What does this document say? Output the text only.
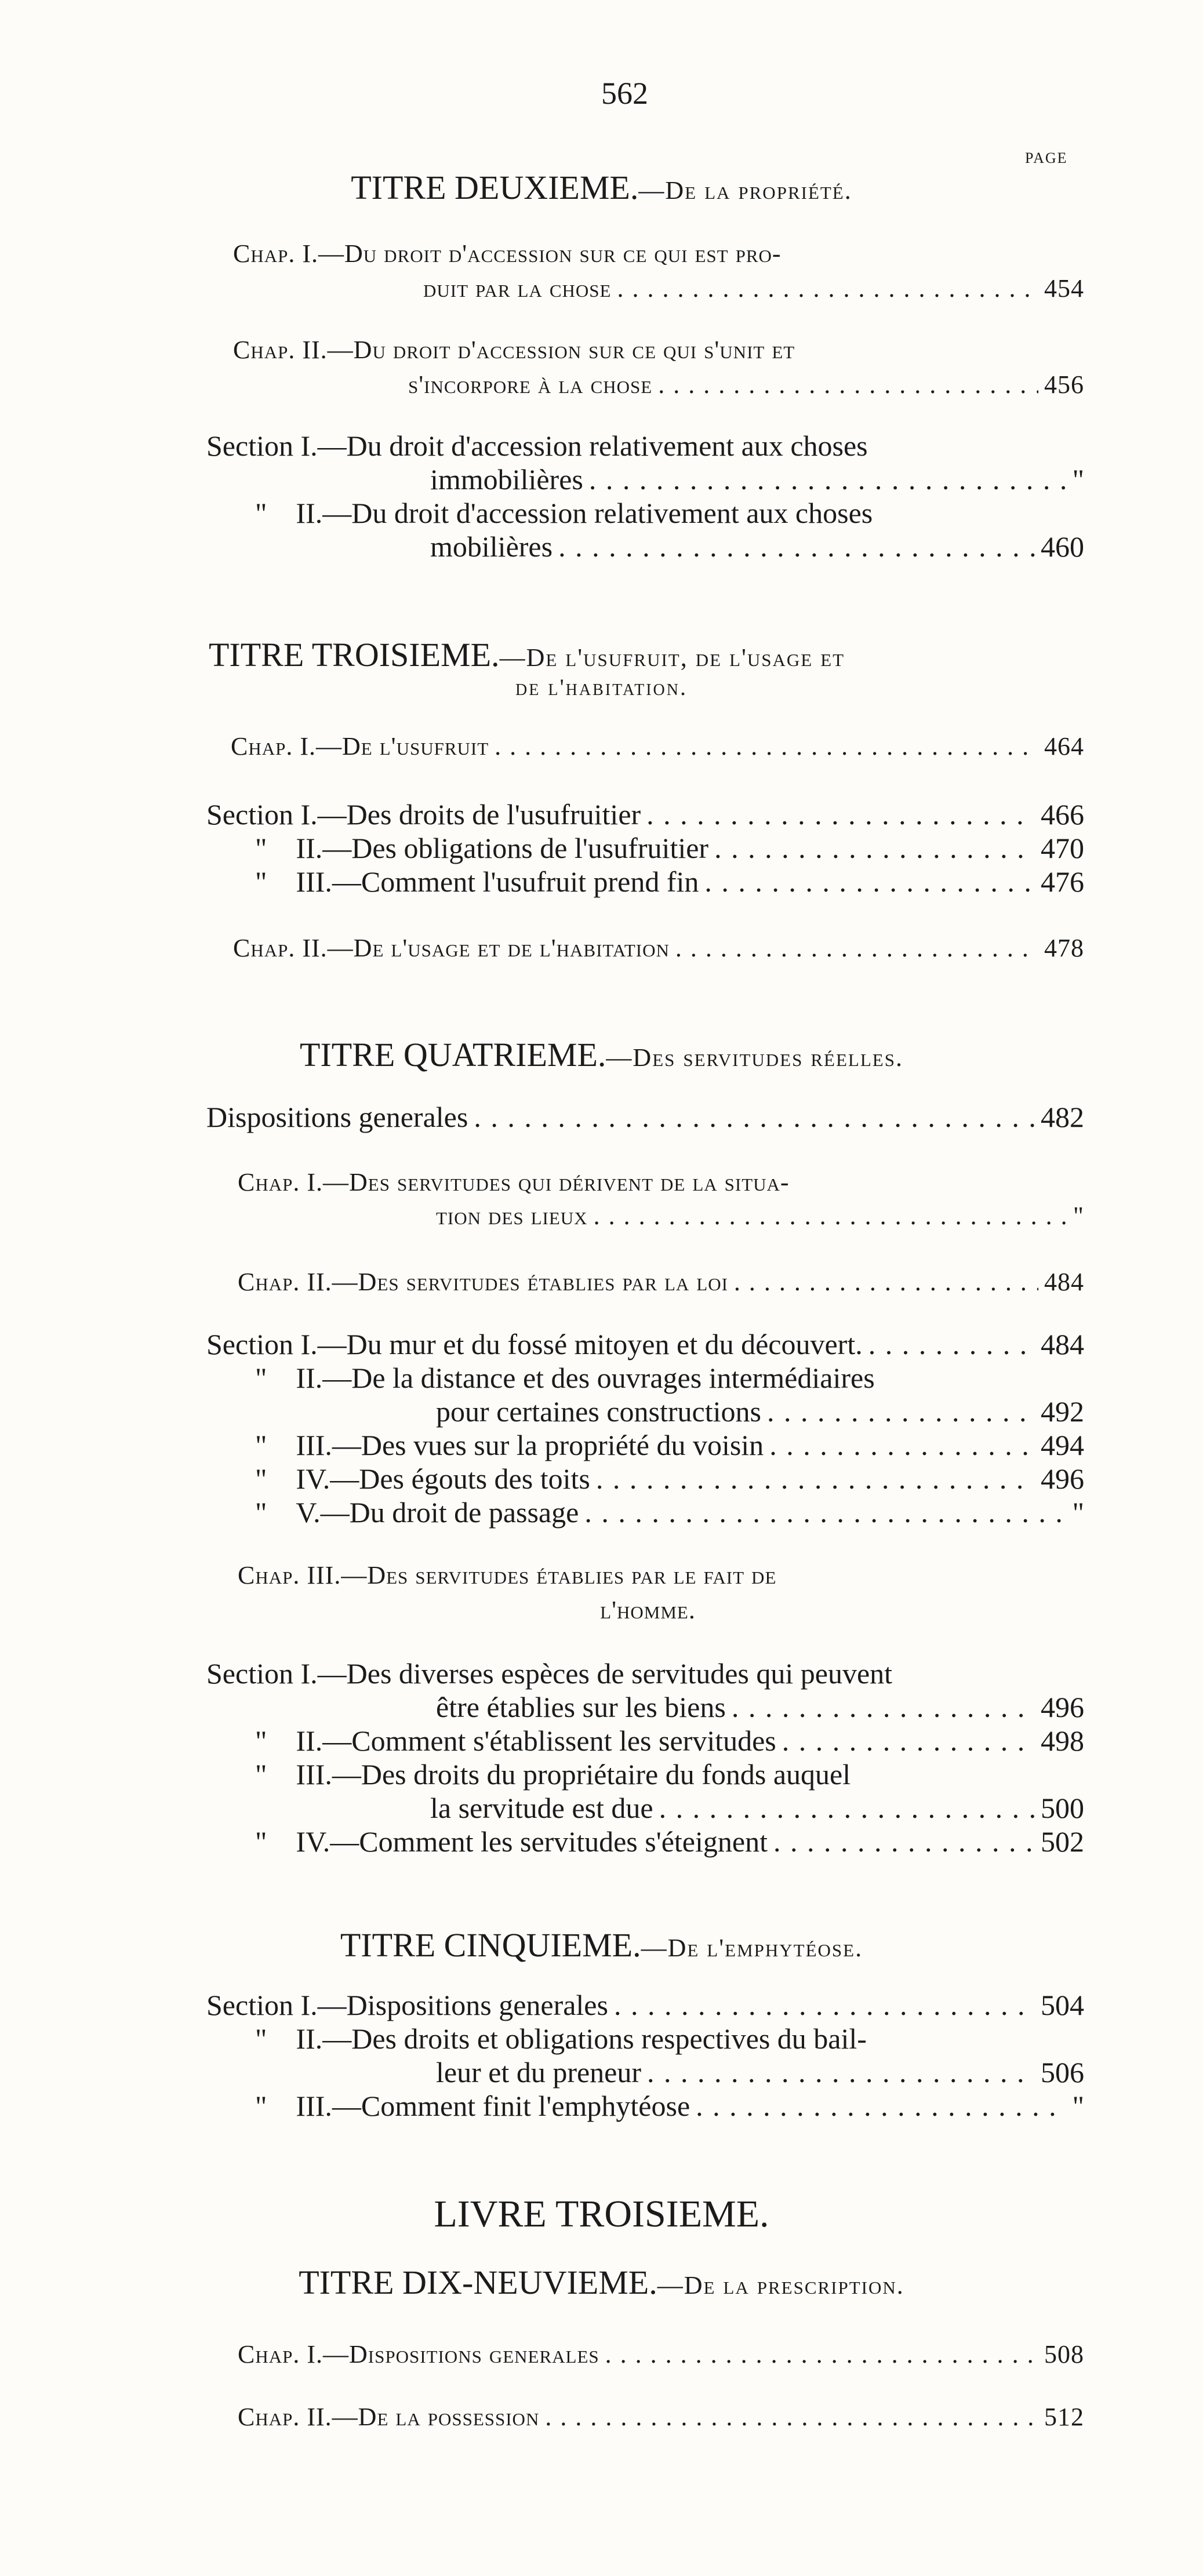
562
PAGE
TITRE DEUXIEME.—De la propriété.
Chap. I.—Du droit d'accession sur ce qui est pro-
duit par la chose . . .	454
Chap. II.—Du droit d'accession sur ce qui s'unit et
s'incorpore à la chose . . .	456
Section I.—Du droit d'accession relativement aux choses
immobilières . . .	"
" II.—Du droit d'accession relativement aux choses
mobilières . . .	460
TITRE TROISIEME.—De l'usufruit, de l'usage et
de l'habitation.
Chap. I.—De l'usufruit . . .	464
Section I.—Des droits de l'usufruitier . . .	466
" II.—Des obligations de l'usufruitier . . .	470
" III.—Comment l'usufruit prend fin . . .	476
Chap. II.—De l'usage et de l'habitation . . .	478
TITRE QUATRIEME.—Des servitudes réelles.
Dispositions generales . . .	482
Chap. I.—Des servitudes qui dérivent de la situa-
tion des lieux . . .	"
Chap. II.—Des servitudes établies par la loi . . .	484
Section I.—Du mur et du fossé mitoyen et du découvert. . . .	484
" II.—De la distance et des ouvrages intermédiaires
pour certaines constructions . . .	492
" III.—Des vues sur la propriété du voisin . . .	494
" IV.—Des égouts des toits . . .	496
" V.—Du droit de passage . . .	"
Chap. III.—Des servitudes établies par le fait de
l'homme.
Section I.—Des diverses espèces de servitudes qui peuvent
être établies sur les biens . . .	496
" II.—Comment s'établissent les servitudes . . .	498
" III.—Des droits du propriétaire du fonds auquel
la servitude est due . . .	500
" IV.—Comment les servitudes s'éteignent . . .	502
TITRE CINQUIEME.—De l'emphytéose.
Section I.—Dispositions generales . . .	504
" II.—Des droits et obligations respectives du bail-
leur et du preneur . . .	506
" III.—Comment finit l'emphytéose . . .	"
LIVRE TROISIEME.
TITRE DIX-NEUVIEME.—De la prescription.
Chap. I.—Dispositions generales . . .	508
Chap. II.—De la possession . . .	512
